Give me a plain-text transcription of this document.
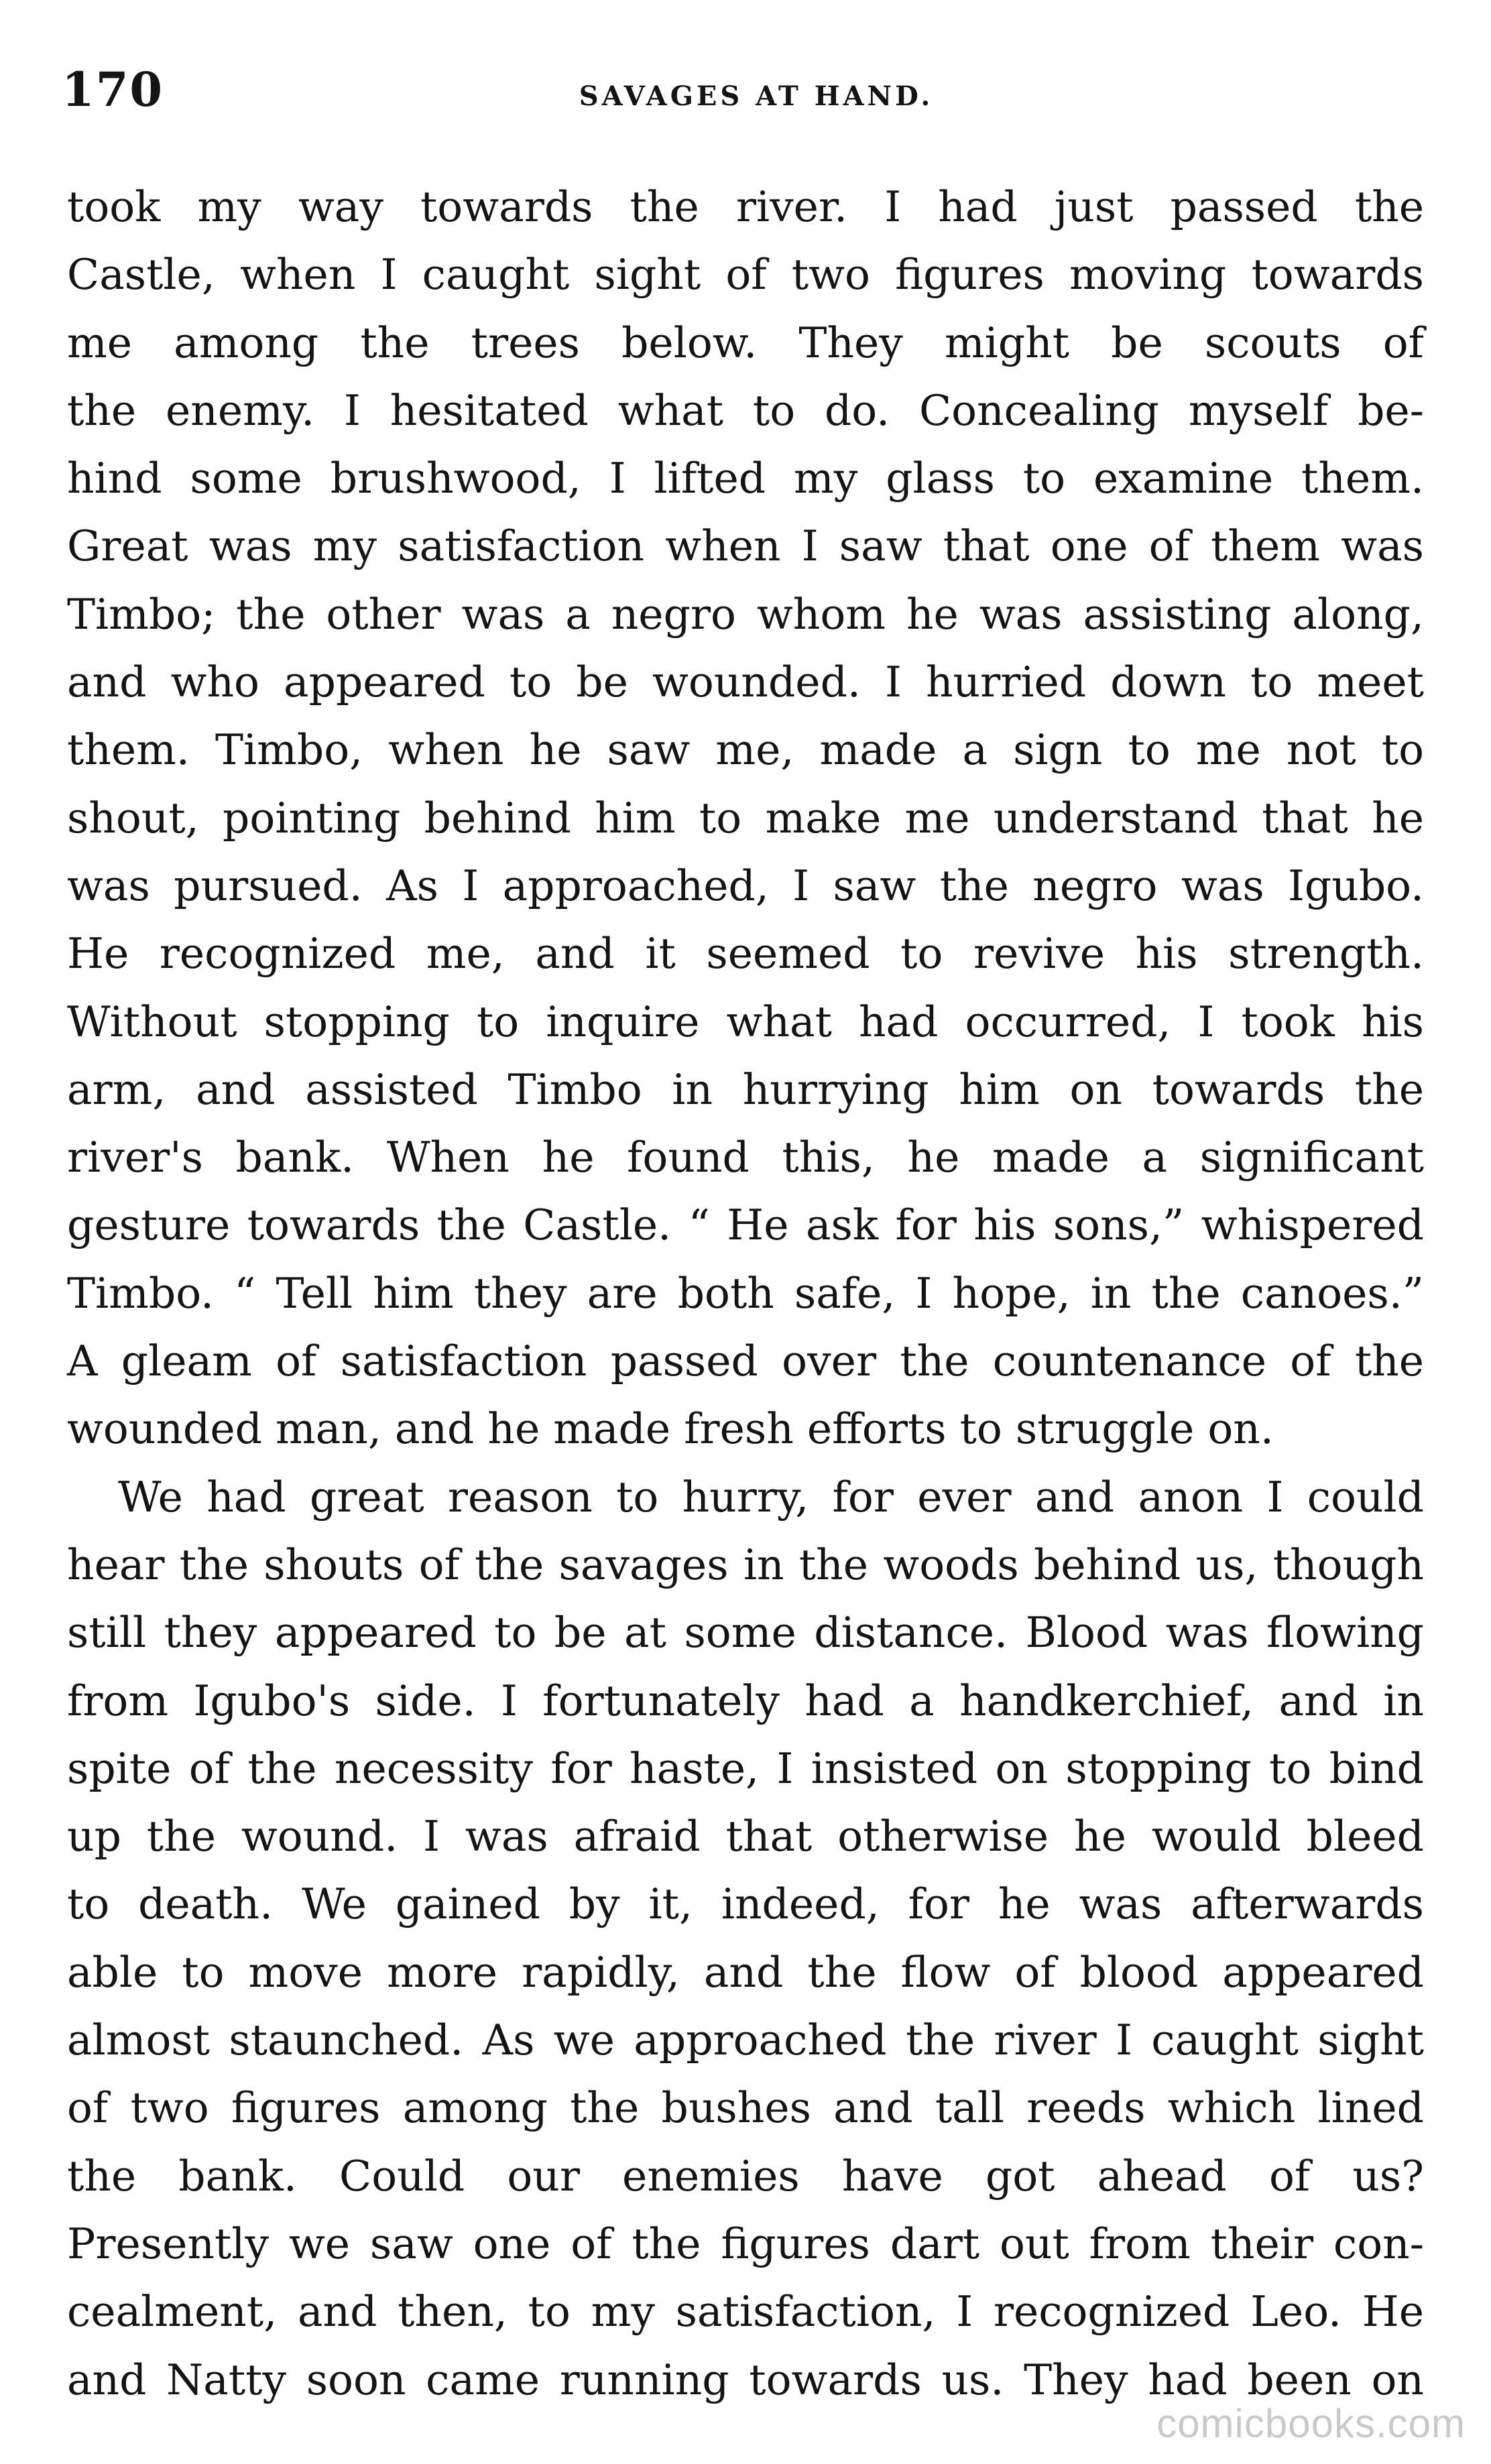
170	SAVAGES AT HAND.
took my way towards the river. I had just passed the
Castle, when I caught sight of two figures moving towards
me among the trees below. They might be scouts of
the enemy. I hesitated what to do. Concealing myself be-
hind some brushwood, I lifted my glass to examine them.
Great was my satisfaction when I saw that one of them was
Timbo; the other was a negro whom he was assisting along,
and who appeared to be wounded. I hurried down to meet
them. Timbo, when he saw me, made a sign to me not to
shout, pointing behind him to make me understand that he
was pursued. As I approached, I saw the negro was Igubo.
He recognized me, and it seemed to revive his strength.
Without stopping to inquire what had occurred, I took his
arm, and assisted Timbo in hurrying him on towards the
river's bank. When he found this, he made a significant
gesture towards the Castle. “ He ask for his sons,” whispered
Timbo. “ Tell him they are both safe, I hope, in the canoes.”
A gleam of satisfaction passed over the countenance of the
wounded man, and he made fresh efforts to struggle on.
We had great reason to hurry, for ever and anon I could
hear the shouts of the savages in the woods behind us, though
still they appeared to be at some distance. Blood was flowing
from Igubo's side. I fortunately had a handkerchief, and in
spite of the necessity for haste, I insisted on stopping to bind
up the wound. I was afraid that otherwise he would bleed
to death. We gained by it, indeed, for he was afterwards
able to move more rapidly, and the flow of blood appeared
almost staunched. As we approached the river I caught sight
of two figures among the bushes and tall reeds which lined
the bank. Could our enemies have got ahead of us?
Presently we saw one of the figures dart out from their con-
cealment, and then, to my satisfaction, I recognized Leo. He
and Natty soon came running towards us. They had been on
comicbooks.com
